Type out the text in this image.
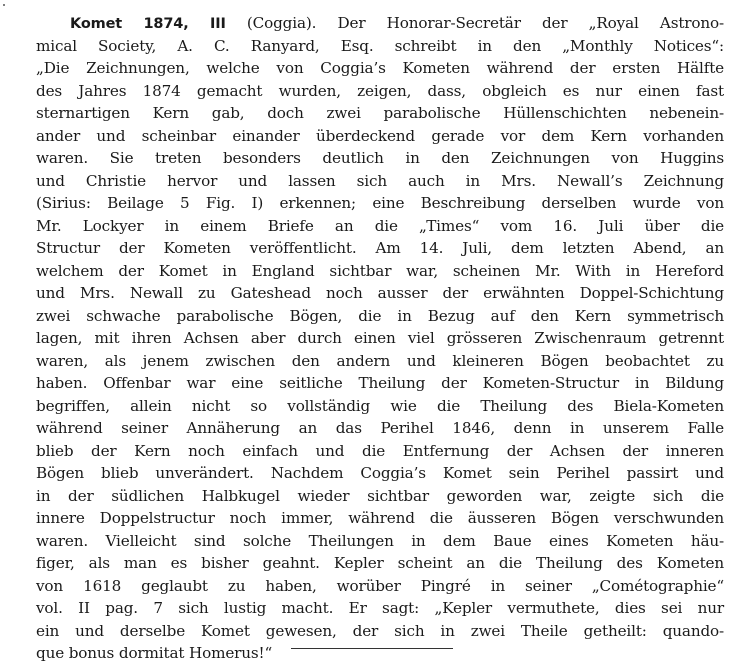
Komet 1874, III (Coggia). Der Honorar-Secretär der „Royal Astrono-
mical Society, A. C. Ranyard, Esq. schreibt in den „Monthly Notices“:
„Die Zeichnungen, welche von Coggia’s Kometen während der ersten Hälfte
des Jahres 1874 gemacht wurden, zeigen, dass, obgleich es nur einen fast
sternartigen Kern gab, doch zwei parabolische Hüllenschichten nebenein-
ander und scheinbar einander überdeckend gerade vor dem Kern vorhanden
waren. Sie treten besonders deutlich in den Zeichnungen von Huggins
und Christie hervor und lassen sich auch in Mrs. Newall’s Zeichnung
(Sirius: Beilage 5 Fig. I) erkennen; eine Beschreibung derselben wurde von
Mr. Lockyer in einem Briefe an die „Times“ vom 16. Juli über die
Structur der Kometen veröffentlicht. Am 14. Juli, dem letzten Abend, an
welchem der Komet in England sichtbar war, scheinen Mr. With in Hereford
und Mrs. Newall zu Gateshead noch ausser der erwähnten Doppel-Schichtung
zwei schwache parabolische Bögen, die in Bezug auf den Kern symmetrisch
lagen, mit ihren Achsen aber durch einen viel grösseren Zwischenraum getrennt
waren, als jenem zwischen den andern und kleineren Bögen beobachtet zu
haben. Offenbar war eine seitliche Theilung der Kometen-Structur in Bildung
begriffen, allein nicht so vollständig wie die Theilung des Biela-Kometen
während seiner Annäherung an das Perihel 1846, denn in unserem Falle
blieb der Kern noch einfach und die Entfernung der Achsen der inneren
Bögen blieb unverändert. Nachdem Coggia’s Komet sein Perihel passirt und
in der südlichen Halbkugel wieder sichtbar geworden war, zeigte sich die
innere Doppelstructur noch immer, während die äusseren Bögen verschwunden
waren. Vielleicht sind solche Theilungen in dem Baue eines Kometen häu-
figer, als man es bisher geahnt. Kepler scheint an die Theilung des Kometen
von 1618 geglaubt zu haben, worüber Pingré in seiner „Cométographie“
vol. II pag. 7 sich lustig macht. Er sagt: „Kepler vermuthete, dies sei nur
ein und derselbe Komet gewesen, der sich in zwei Theile getheilt: quando-
que bonus dormitat Homerus!“
